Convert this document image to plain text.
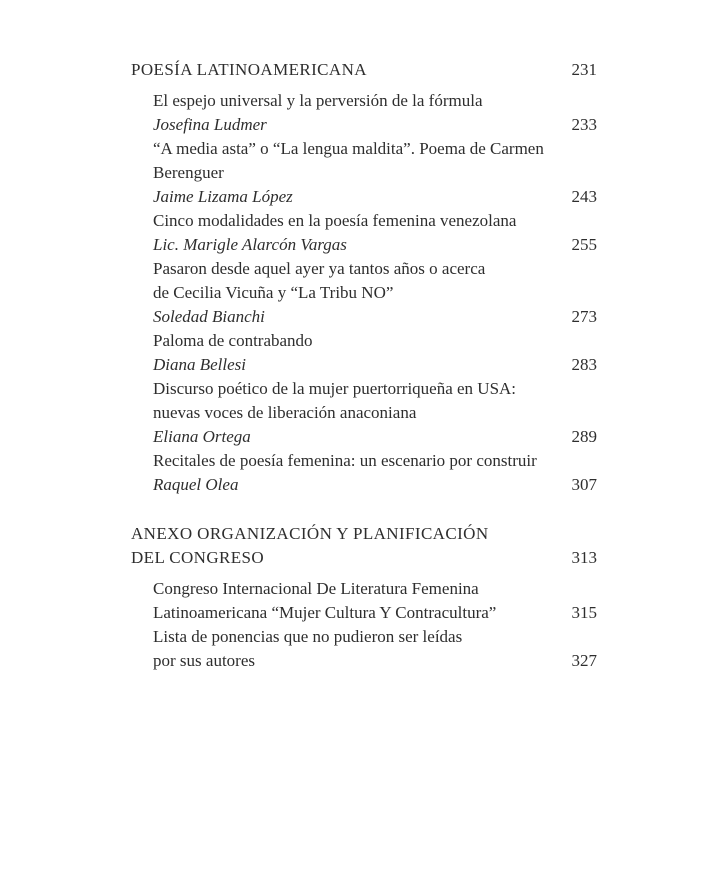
POESÍA LATINOAMERICANA	231
El espejo universal y la perversión de la fórmula
Josefina Ludmer	233
“A media asta” o “La lengua maldita”. Poema de Carmen
Berenguer
Jaime Lizama López	243
Cinco modalidades en la poesía femenina venezolana
Lic. Marigle Alarcón Vargas	255
Pasaron desde aquel ayer ya tantos años o acerca
de Cecilia Vicuña y “La Tribu NO”
Soledad Bianchi	273
Paloma de contrabando
Diana Bellesi	283
Discurso poético de la mujer puertorriqueña en USA:
nuevas voces de liberación anaconiana
Eliana Ortega	289
Recitales de poesía femenina: un escenario por construir
Raquel Olea	307
ANEXO ORGANIZACIÓN Y PLANIFICACIÓN
DEL CONGRESO	313
Congreso Internacional De Literatura Femenina
Latinoamericana “Mujer Cultura Y Contracultura”	315
Lista de ponencias que no pudieron ser leídas
por sus autores	327
